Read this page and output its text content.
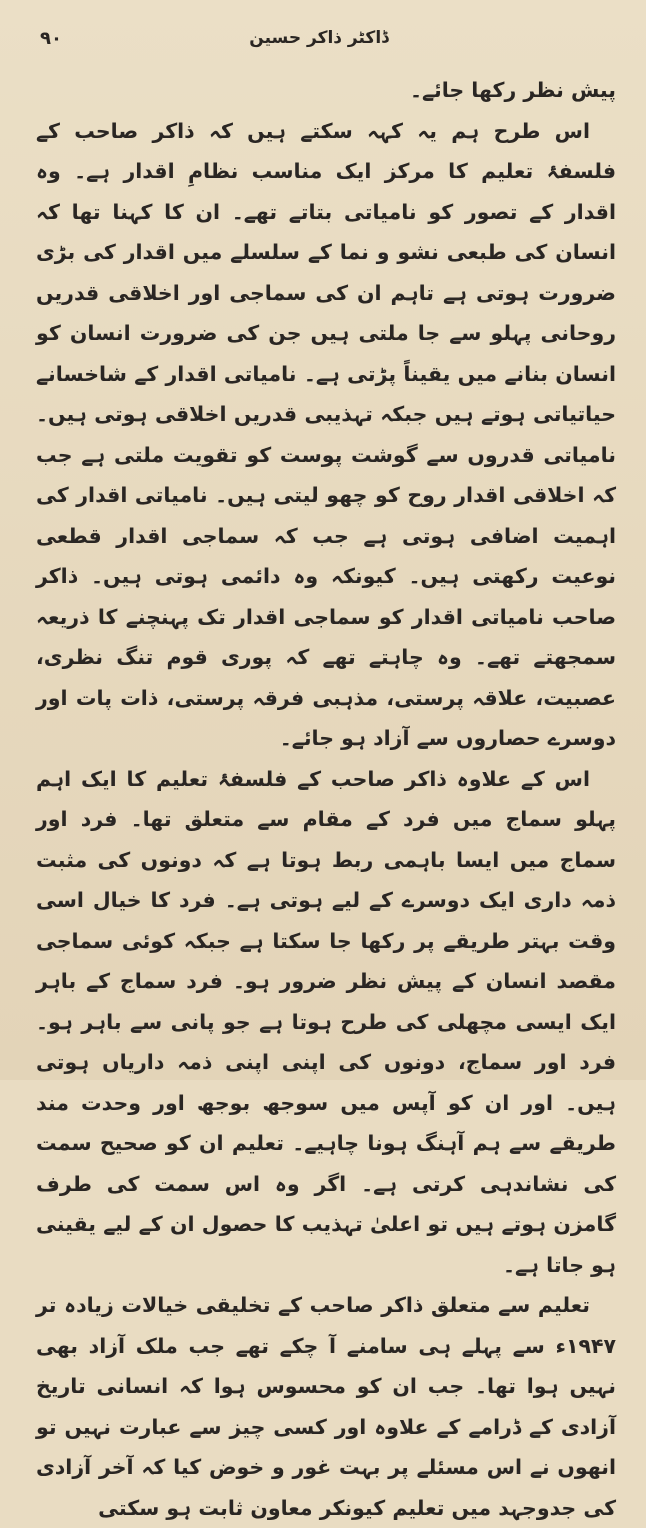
۹۰	ڈاکٹر ذاکر حسین

پیش نظر رکھا جائے۔

اس طرح ہم یہ کہہ سکتے ہیں کہ ذاکر صاحب کے فلسفۂ تعلیم کا مرکز ایک مناسب نظامِ اقدار ہے۔ وہ اقدار کے تصور کو نامیاتی بتاتے تھے۔ ان کا کہنا تھا کہ انسان کی طبعی نشو و نما کے سلسلے میں اقدار کی بڑی ضرورت ہوتی ہے تاہم ان کی سماجی اور اخلاقی قدریں روحانی پہلو سے جا ملتی ہیں جن کی ضرورت انسان کو انسان بنانے میں یقیناً پڑتی ہے۔ نامیاتی اقدار کے شاخسانے حیاتیاتی ہوتے ہیں جبکہ تہذیبی قدریں اخلاقی ہوتی ہیں۔ نامیاتی قدروں سے گوشت پوست کو تقویت ملتی ہے جب کہ اخلاقی اقدار روح کو چھو لیتی ہیں۔ نامیاتی اقدار کی اہمیت اضافی ہوتی ہے جب کہ سماجی اقدار قطعی نوعیت رکھتی ہیں۔ کیونکہ وہ دائمی ہوتی ہیں۔ ذاکر صاحب نامیاتی اقدار کو سماجی اقدار تک پہنچنے کا ذریعہ سمجھتے تھے۔ وہ چاہتے تھے کہ پوری قوم تنگ نظری، عصبیت، علاقہ پرستی، مذہبی فرقہ پرستی، ذات پات اور دوسرے حصاروں سے آزاد ہو جائے۔

اس کے علاوہ ذاکر صاحب کے فلسفۂ تعلیم کا ایک اہم پہلو سماج میں فرد کے مقام سے متعلق تھا۔ فرد اور سماج میں ایسا باہمی ربط ہوتا ہے کہ دونوں کی مثبت ذمہ داری ایک دوسرے کے لیے ہوتی ہے۔ فرد کا خیال اسی وقت بہتر طریقے پر رکھا جا سکتا ہے جبکہ کوئی سماجی مقصد انسان کے پیش نظر ضرور ہو۔ فرد سماج کے باہر ایک ایسی مچھلی کی طرح ہوتا ہے جو پانی سے باہر ہو۔ فرد اور سماج، دونوں کی اپنی اپنی ذمہ داریاں ہوتی ہیں۔ اور ان کو آپس میں سوجھ بوجھ اور وحدت مند طریقے سے ہم آہنگ ہونا چاہیے۔ تعلیم ان کو صحیح سمت کی نشاندہی کرتی ہے۔ اگر وہ اس سمت کی طرف گامزن ہوتے ہیں تو اعلیٰ تہذیب کا حصول ان کے لیے یقینی ہو جاتا ہے۔

تعلیم سے متعلق ذاکر صاحب کے تخلیقی خیالات زیادہ تر ۱۹۴۷ء سے پہلے ہی سامنے آ چکے تھے جب ملک آزاد بھی نہیں ہوا تھا۔ جب ان کو محسوس ہوا کہ انسانی تاریخ آزادی کے ڈرامے کے علاوہ اور کسی چیز سے عبارت نہیں تو انھوں نے اس مسئلے پر بہت غور و خوض کیا کہ آخر آزادی کی جدوجہد میں تعلیم کیونکر معاون ثابت ہو سکتی
